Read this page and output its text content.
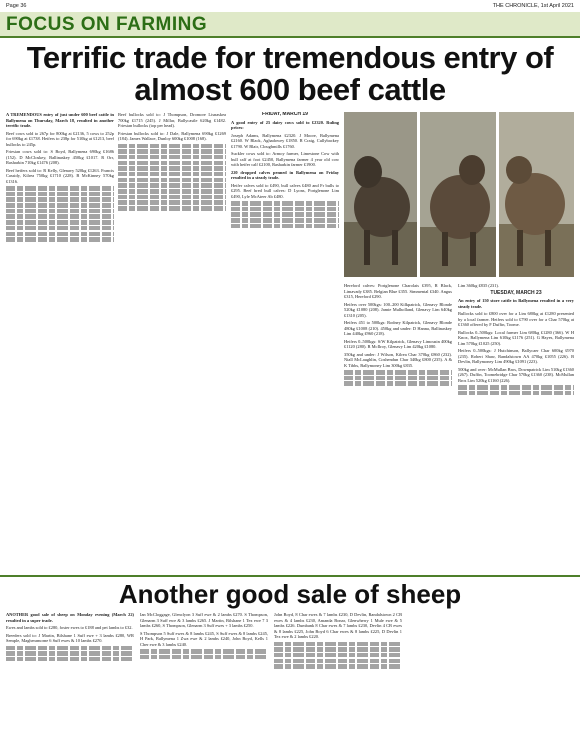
Page 36	THE CHRONICLE, 1st April 2021
FOCUS ON FARMING
Terrific trade for tremendous entry of almost 600 beef cattle

A TREMENDOUS entry of just under 600 beef cattle in Ballymena on Thursday, March 18, resulted in another terrific trade.

Beef cows sold to 267p for 800kg at £2136, 5 cows to 252p for 690kg at £1738. Heifers to 238p for 510kg at £1213, beef bullocks to 245p.

Friesian cows sold to: S Boyd, Ballymena 690kg £1686 (152). D McCloskey, Ballinaskey 450kg £1017. R Orr, Rasharkin 710kg £1476 (208).

Beef heifers sold to: R Kelly, Glenavy 520kg £1263. Francis Cassidy, Kilrea 750kg £1710 (228). B McKinney 570kg £1316.

Beef bullocks sold to: J Thompson, Dromore Lisnaskea 700kg £1715 (245). J Millar, Ballycastle 620kg £1482. Friesian bullocks (top per head).

Friesian bullocks sold to: J Dale, Ballymena 690kg £1269 (184). James Wallace, Dunloy 600kg £1008 (168).

FRIDAY, MARCH 19

A good entry of 25 dairy cows sold to £2320. Ruling prices:

Joseph Adams, Ballymena £2320. J Moore, Ballymena £2160. W Black, Aghadowey £1850. R Craig, Cullybackey £1790. W Blair, Cloughmills £1760.

Suckler cows sold to: Armoy farmer, Limestone Cow with bull calf at foot £2450, Ballymena farmer 4 year old cow with heifer calf £2100, Rasharkin farmer £1900.

220 dropped calves penned in Ballymena on Friday resulted in a steady trade.

Heifer calves sold to £490, bull calves £480 and Fr bulls to £295. Beef bred bull calves: D Lyons, Portglenone Lim £490, Lyle McAteer Ab £480.

Hereford calves: Portglenone Charolais £395, R Black, Limavady £385. Belgian Blue £355. Simmental £340. Angus £315, Hereford £290.

Heifers over 500kgs: 100–200 Kilkpatrick, Glenavy Blonde 520kg £1080 (208). Jamie Mulholland, Glenavy Lim 640kg £1310 (205).

Heifers 451 to 500kgs: Rodney Kilpatrick, Glenavy Blonde 480kg £1008 (210). 450kg and under: D Hanna, Ballinaskey Lim 440kg £960 (218).

Heifers 0–500kgs: S/W Kilpatrick, Glenavy Limousin 400kg £1120 (280). R McIlroy, Glenavy Lim 420kg £1080.

350kg and under: J Wilson, Kilrea Char 370kg £860 (232). Niall McLaughlin, Coshendun Char 340kg £800 (235). A & K Tibbs, Ballymoney Lim 300kg £835.

Lim 360kg £835 (231).

TUESDAY, MARCH 23

An entry of 150 store cattle in Ballymena resulted in a very steady trade.

Bullocks sold to £800 over for a Lim 680kg at £1280 presented by a local farmer. Heifers sold to £790 over for a Char 570kg at £1360 offered by F Duffin, Toome.

Bullocks 0–500kgs: Local farmer Lim 680kg £1280 (366). W H Knox, Ballymena Lim 610kg £1176 (251). G Hayes, Ballymena Lim 570kg £1025 (250).

Heifers 0–500kgs: J Hutchinson, Ballycaer Char 600kg £970 (235). Robert Shaw, Randalstown AA 470kg £1055 (226). B Devlin, Ballymoney Lim 490kg £1091 (223).

500kg and over: McMullan Bros, Downpatrick Lim 510kg £1360 (267). Duffin, Toomebridge Char 570kg £1360 (238). McMullan Bros Lim 520kg £1160 (226).

Another good sale of sheep

ANOTHER good sale of sheep on Monday evening (March 22) resulted in a super trade.

Ewes and lambs sold to £280, foster ewes to £188 and pet lambs to £32.

Breeders sold to: J Martin, Bilshane 1 Suff ewe + 3 lambs £280, WR Semple, Magheramorne 6 Suff ewes & 10 lambs £270.

Ian McCloggage, Glenclyon 3 Suff ewe & 2 lambs £270. S Thompson, Glenarm 3 Suff ewe & 3 lambs £265. J Martin, Bilshane 1 Tex ewe 7 3 lambs £260, S Thompson, Glenarm 3 Suff ewes + 3 lambs £250.

S Thompson 5 Suff ewes & 8 lambs £245, S Suff ewes & 8 lambs £245, H Park, Ballymena 1 Zwa ewe & 2 lambs £240, John Boyd, Kells 1 Cher ewe & 3 lambs £240.

John Boyd, 8 Char ewes & 7 lambs £230, D Devlin, Randalstown 2 CB ewes & 4 lambs £230, Amanda Bonar, Glenwherry 1 Mule ewe & 5 lambs £226. Dumbank 8 Char ewes & 7 lambs £230, Devlin 4 CB ewes & 8 lambs £225, John Boyd 6 Char ewes & 8 lambs £225, D Devlin 1 Tex ewe & 2 lambs £220.
